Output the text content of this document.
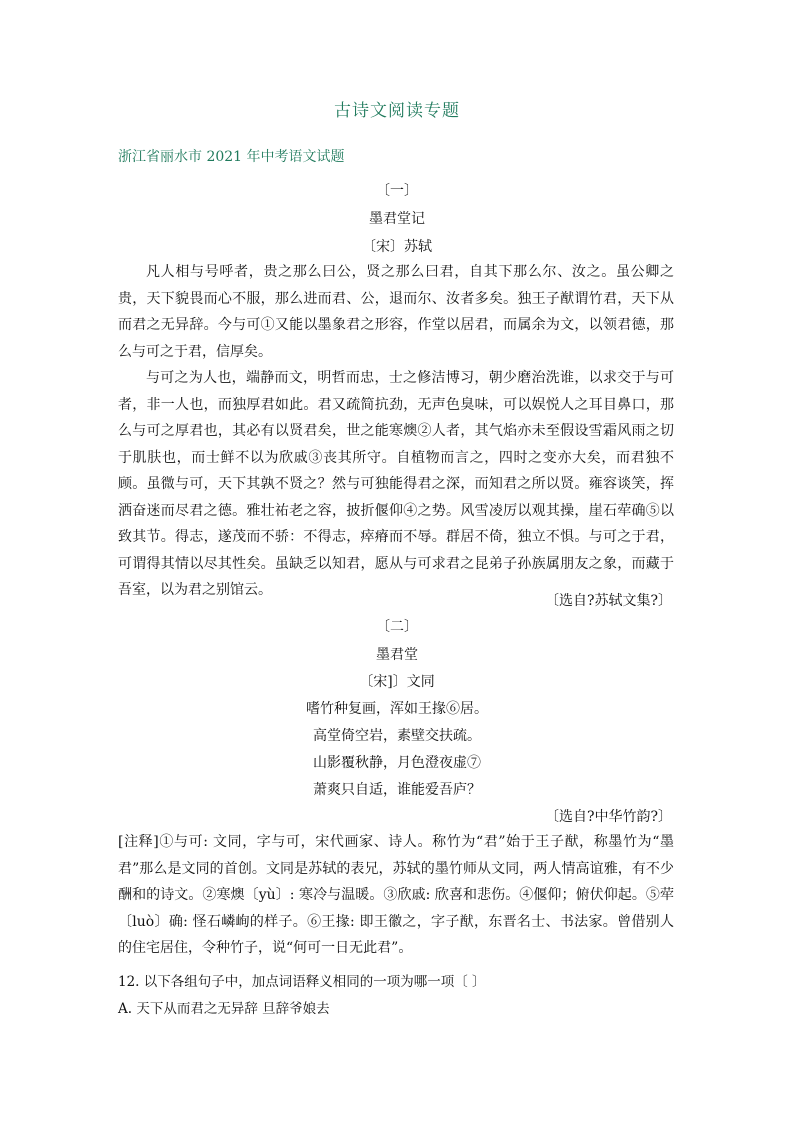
古诗文阅读专题
浙江省丽水市 2021 年中考语文试题
〔一〕
墨君堂记
〔宋〕苏轼

凡人相与号呼者，贵之那么曰公，贤之那么曰君，自其下那么尔、汝之。虽公卿之贵，天下貌畏而心不服，那么进而君、公，退而尔、汝者多矣。独王子猷谓竹君，天下从而君之无异辞。今与可①又能以墨象君之形容，作堂以居君，而属余为文，以领君德，那么与可之于君，信厚矣。

与可之为人也，端静而文，明哲而忠，士之修洁博习，朝少磨治洗谁，以求交于与可者，非一人也，而独厚君如此。君又疏简抗劲，无声色臭味，可以娱悦人之耳目鼻口，那么与可之厚君也，其必有以贤君矣，世之能寒燠②人者，其气焰亦未至假设雪霜风雨之切于肌肤也，而士鲜不以为欣戚③丧其所守。自植物而言之，四时之变亦大矣，而君独不顾。虽微与可，天下其孰不贤之？然与可独能得君之深，而知君之所以贤。雍容谈笑，挥洒奋迷而尽君之德。雅壮祐老之容，披折偃仰④之势。风雪凌厉以观其操，崖石荦确⑤以致其节。得志，遂茂而不骄：不得志，瘁瘠而不辱。群居不倚，独立不惧。与可之于君，可谓得其情以尽其性矣。虽缺乏以知君，愿从与可求君之昆弟子孙族属朋友之象，而藏于吾室，以为君之别馆云。

〔选自?苏轼文集?〕
〔二〕
墨君堂
〔宋]〕文同
嗜竹种复画，浑如王掾⑥居。
高堂倚空岩，素壁交扶疏。
山影覆秋静，月色澄夜虚⑦
萧爽只自适，谁能爱吾庐？
〔选自?中华竹韵?〕

[注释]①与可: 文同，字与可，宋代画家、诗人。称竹为“君”始于王子猷，称墨竹为“墨君”那么是文同的首创。文同是苏轼的表兄，苏轼的墨竹师从文同，两人情高谊雅，有不少酬和的诗文。②寒燠〔yù〕: 寒冷与温暖。③欣戚: 欣喜和悲伤。④偃仰；俯伏仰起。⑤荦〔luò〕确: 怪石嶙峋的样子。⑥王掾: 即王徽之，字子猷，东晋名士、书法家。曾借别人的住宅居住，令种竹子，说“何可一日无此君”。

12. 以下各组句子中，加点词语释义相同的一项为哪一项〔 〕
A. 天下从而君之无异辞 旦辞爷娘去
